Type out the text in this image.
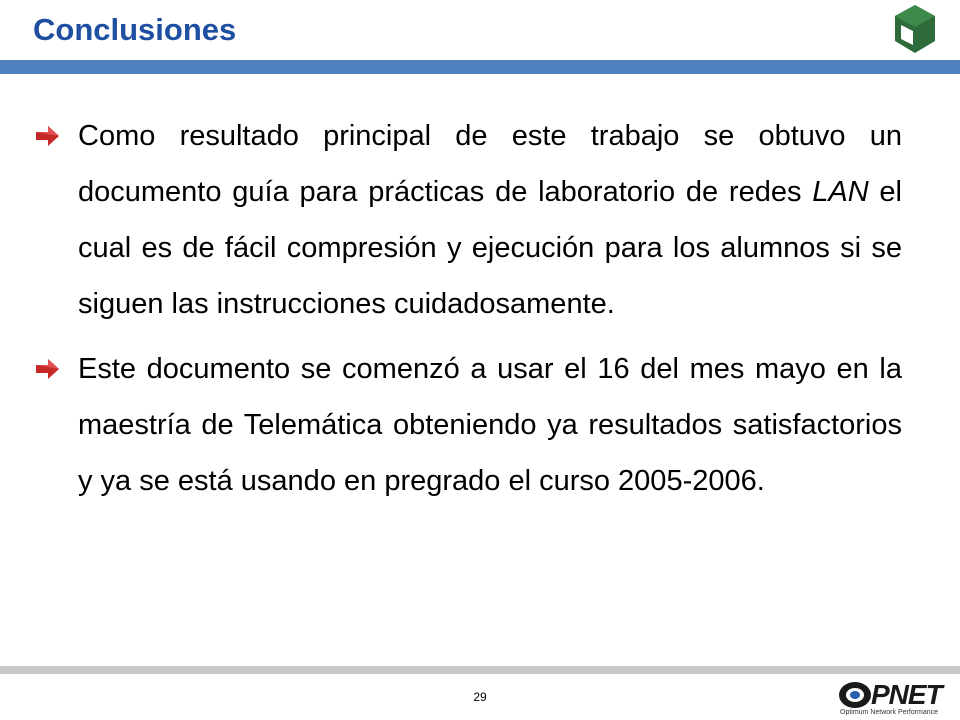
Conclusiones
Como resultado principal de este trabajo se obtuvo un documento guía para prácticas de laboratorio de redes LAN el cual es de fácil compresión y ejecución para los alumnos si se siguen las instrucciones cuidadosamente.
Este documento se comenzó a usar el 16 del mes mayo en la maestría de Telemática obteniendo ya resultados satisfactorios y ya se está usando en pregrado el curso 2005-2006.
29	PNET
Optimum Network Performance
